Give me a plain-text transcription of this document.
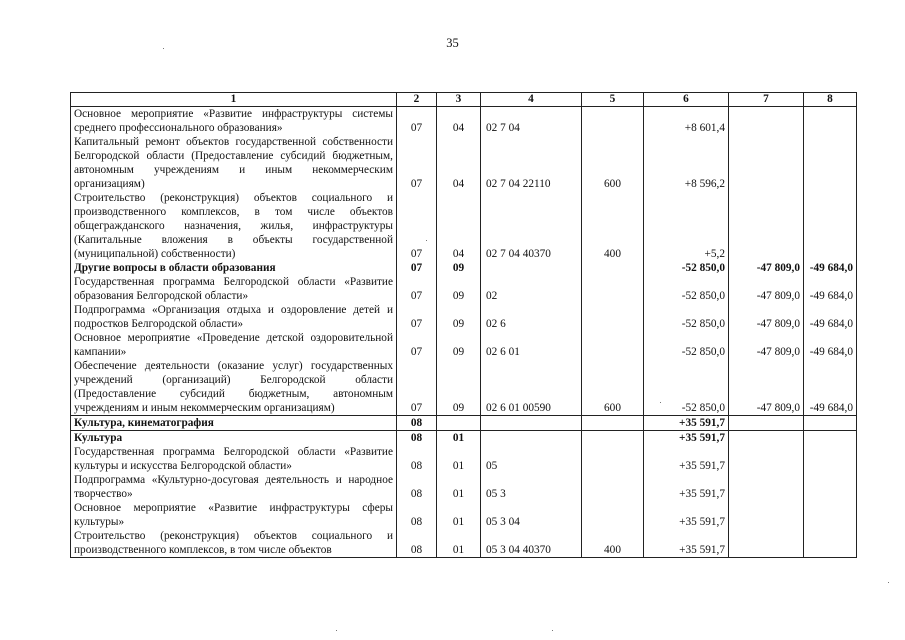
35
1	2	3	4	5	6	7	8
Основное мероприятие «Развитие инфраструктуры системы среднего профессионального образования»	07	04	02 7 04		+8 601,4		
Капитальный ремонт объектов государственной собственности Белгородской области (Предоставление субсидий бюджетным, автономным учреждениям и иным некоммерческим организациям)	07	04	02 7 04 22110	600	+8 596,2		
Строительство (реконструкция) объектов социального и производственного комплексов, в том числе объектов общегражданского назначения, жилья, инфраструктуры (Капитальные вложения в объекты государственной (муниципальной) собственности)	07	04	02 7 04 40370	400	+5,2		
Другие вопросы в области образования	07	09			-52 850,0	-47 809,0	-49 684,0
Государственная программа Белгородской области «Развитие образования Белгородской области»	07	09	02		-52 850,0	-47 809,0	-49 684,0
Подпрограмма «Организация отдыха и оздоровление детей и подростков Белгородской области»	07	09	02 6		-52 850,0	-47 809,0	-49 684,0
Основное мероприятие «Проведение детской оздоровительной кампании»	07	09	02 6 01		-52 850,0	-47 809,0	-49 684,0
Обеспечение деятельности (оказание услуг) государственных учреждений (организаций) Белгородской области (Предоставление субсидий бюджетным, автономным учреждениям и иным некоммерческим организациям)	07	09	02 6 01 00590	600	-52 850,0	-47 809,0	-49 684,0
Культура, кинематография	08				+35 591,7		
Культура	08	01			+35 591,7		
Государственная программа Белгородской области «Развитие культуры и искусства Белгородской области»	08	01	05		+35 591,7		
Подпрограмма «Культурно-досуговая деятельность и народное творчество»	08	01	05 3		+35 591,7		
Основное мероприятие «Развитие инфраструктуры сферы культуры»	08	01	05 3 04		+35 591,7		
Строительство (реконструкция) объектов социального и производственного комплексов, в том числе объектов	08	01	05 3 04 40370	400	+35 591,7		
